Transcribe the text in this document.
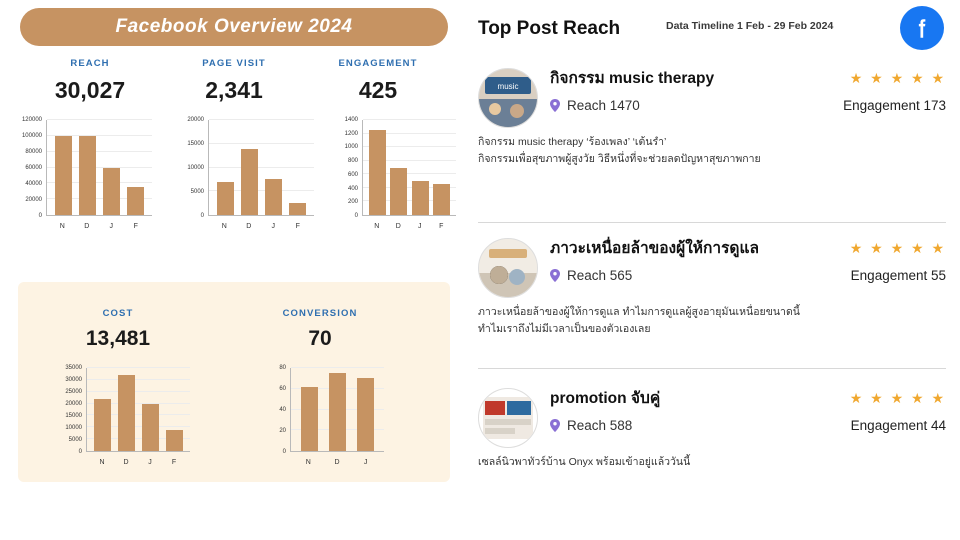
Facebook Overview 2024
REACH
30,027
PAGE VISIT
2,341
ENGAGEMENT
425
0
20000
40000
60000
80000
100000
120000
N	D	J	F
0
5000
10000
15000
20000
N	D	J	F
0
200
400
600
800
1000
1200
1400
N	D	J	F
COST
13,481
CONVERSION
70
0
5000
10000
15000
20000
25000
30000
35000
N	D	J	F
0
20
40
60
80
N	D	J
Top Post Reach	Data Timeline 1 Feb - 29 Feb 2024
music กิจกรรม music therapy
Reach 1470
★ ★ ★ ★ ★
Engagement 173
กิจกรรม music therapy ‘ร้องเพลง’ ‘เต้นรำ’
กิจกรรมเพื่อสุขภาพผู้สูงวัย วิธีหนึ่งที่จะช่วยลดปัญหาสุขภาพกาย
ภาวะเหนื่อยล้าของผู้ให้การดูแล
Reach 565
★ ★ ★ ★ ★
Engagement 55
ภาวะเหนื่อยล้าของผู้ให้การดูแล ทำไมการดูแลผู้สูงอายุมันเหนื่อยขนาดนี้
ทำไมเราถึงไม่มีเวลาเป็นของตัวเองเลย
promotion จับคู่
Reach 588
★ ★ ★ ★ ★
Engagement 44
เซลล์นิวพาทัวร์บ้าน Onyx พร้อมเข้าอยู่แล้ววันนี้
